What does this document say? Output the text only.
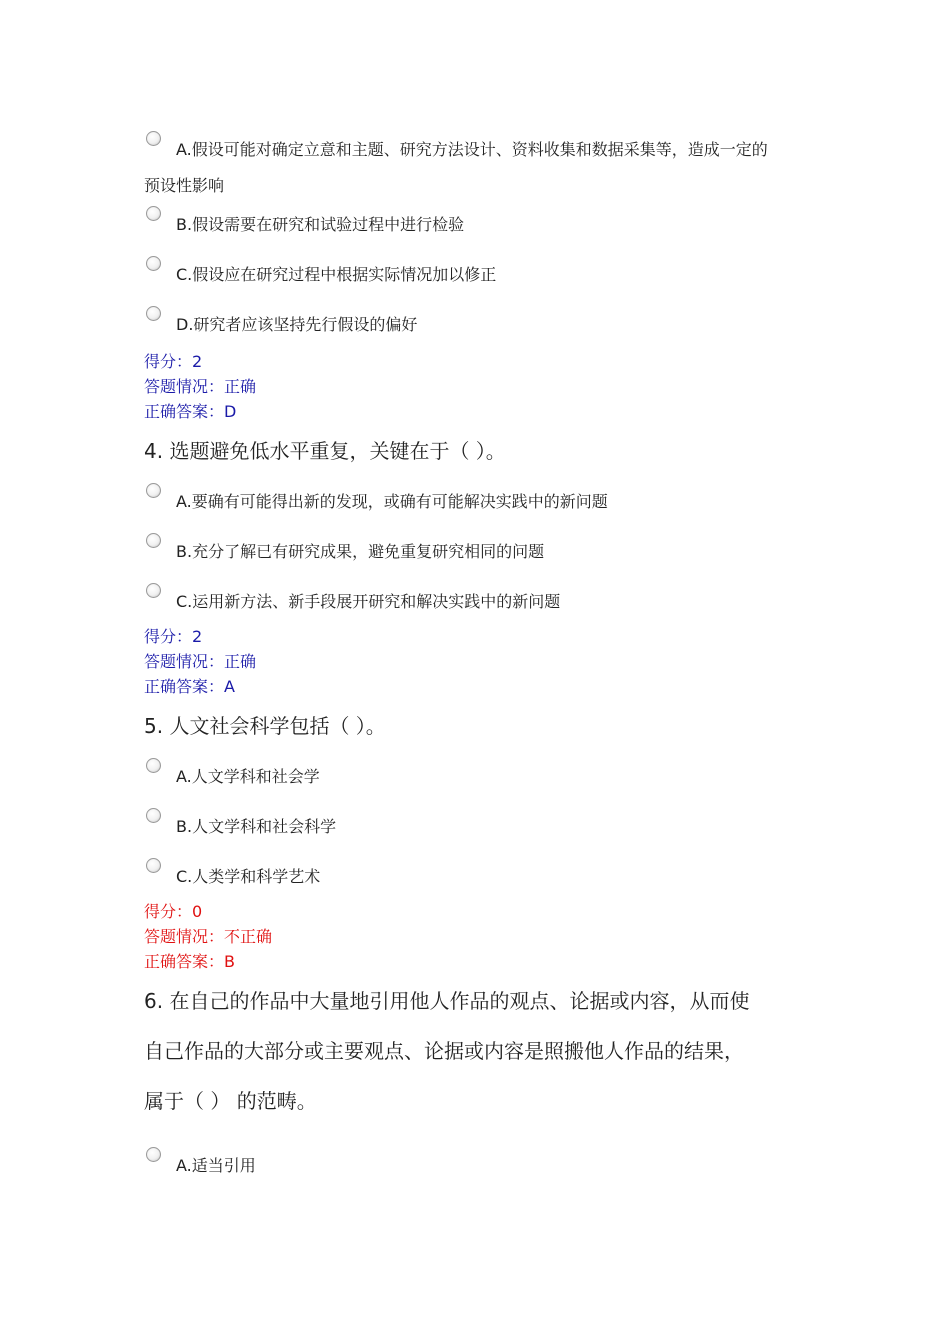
A.假设可能对确定立意和主题、研究方法设计、资料收集和数据采集等，造成一定的
预设性影响
B.假设需要在研究和试验过程中进行检验
C.假设应在研究过程中根据实际情况加以修正
D.研究者应该坚持先行假设的偏好
得分：2
答题情况：正确
正确答案：D
4. 选题避免低水平重复，关键在于（ ）。
A.要确有可能得出新的发现，或确有可能解决实践中的新问题
B.充分了解已有研究成果，避免重复研究相同的问题
C.运用新方法、新手段展开研究和解决实践中的新问题
得分：2
答题情况：正确
正确答案：A
5. 人文社会科学包括（ ）。
A.人文学科和社会学
B.人文学科和社会科学
C.人类学和科学艺术
得分：0
答题情况：不正确
正确答案：B
6. 在自己的作品中大量地引用他人作品的观点、论据或内容，从而使
自己作品的大部分或主要观点、论据或内容是照搬他人作品的结果，
属于（ ） 的范畴。
A.适当引用
